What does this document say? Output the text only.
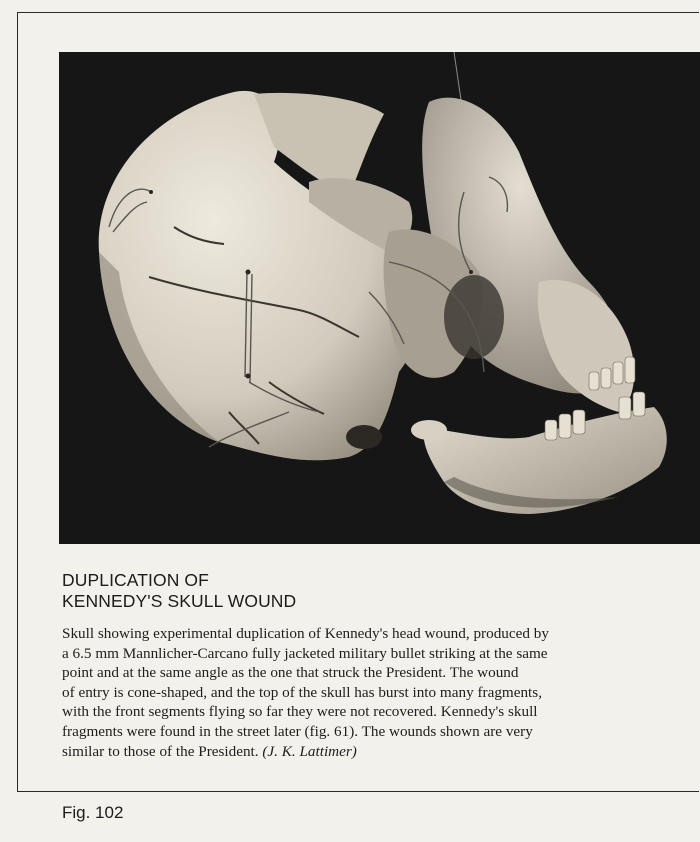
DUPLICATION OF
KENNEDY'S SKULL WOUND
Skull showing experimental duplication of Kennedy's head wound, produced by
a 6.5 mm Mannlicher-Carcano fully jacketed military bullet striking at the same
point and at the same angle as the one that struck the President. The wound
of entry is cone-shaped, and the top of the skull has burst into many fragments,
with the front segments flying so far they were not recovered. Kennedy's skull
fragments were found in the street later (fig. 61). The wounds shown are very
similar to those of the President. (J. K. Lattimer)
Fig. 102
